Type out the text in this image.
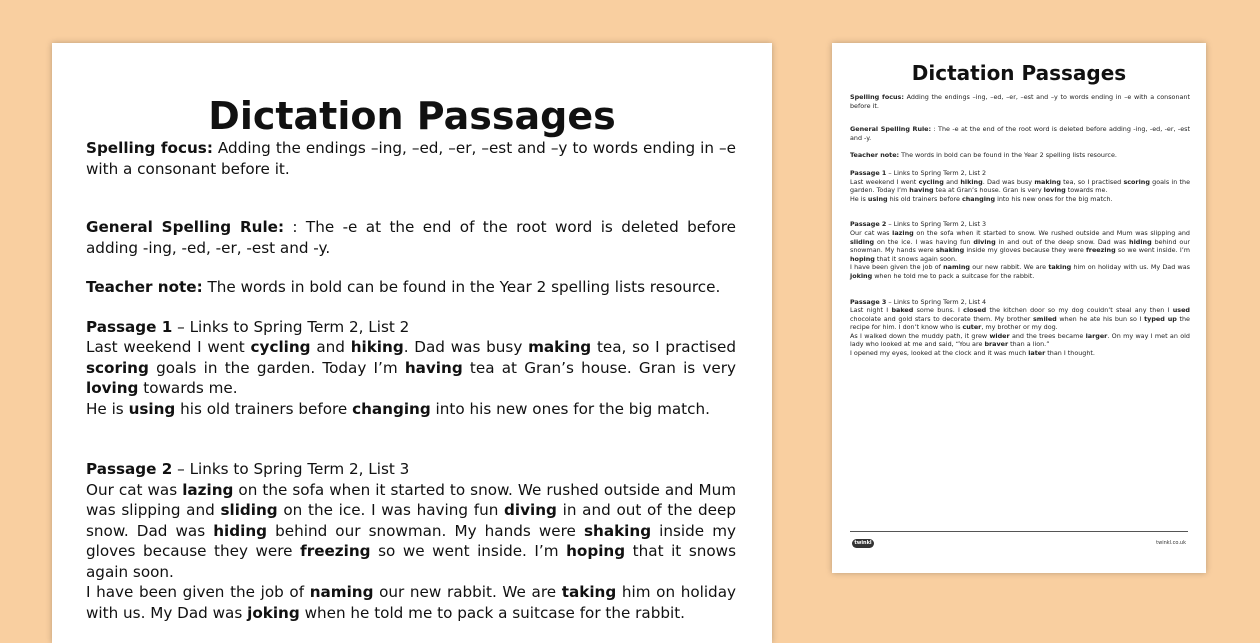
Dictation Passages

Spelling focus: Adding the endings –ing, –ed, –er, –est and –y to words ending in –e with a consonant before it.

General Spelling Rule: : The -e at the end of the root word is deleted before adding -ing, -ed, -er, -est and -y.

Teacher note: The words in bold can be found in the Year 2 spelling lists resource.

Passage 1 – Links to Spring Term 2, List 2

Last weekend I went cycling and hiking. Dad was busy making tea, so I practised scoring goals in the garden. Today I’m having tea at Gran’s house. Gran is very loving towards me.

He is using his old trainers before changing into his new ones for the big match.

Passage 2 – Links to Spring Term 2, List 3

Our cat was lazing on the sofa when it started to snow. We rushed outside and Mum was slipping and sliding on the ice. I was having fun diving in and out of the deep snow. Dad was hiding behind our snowman. My hands were shaking inside my gloves because they were freezing so we went inside. I’m hoping that it snows again soon.

I have been given the job of naming our new rabbit. We are taking him on holiday with us. My Dad was joking when he told me to pack a suitcase for the rabbit.

Dictation Passages

Spelling focus: Adding the endings –ing, –ed, –er, –est and –y to words ending in –e with a consonant before it.

General Spelling Rule: : The -e at the end of the root word is deleted before adding -ing, -ed, -er, -est and -y.

Teacher note: The words in bold can be found in the Year 2 spelling lists resource.

Passage 1 – Links to Spring Term 2, List 2

Last weekend I went cycling and hiking. Dad was busy making tea, so I practised scoring goals in the garden. Today I’m having tea at Gran’s house. Gran is very loving towards me.

He is using his old trainers before changing into his new ones for the big match.

Passage 2 – Links to Spring Term 2, List 3

Our cat was lazing on the sofa when it started to snow. We rushed outside and Mum was slipping and sliding on the ice. I was having fun diving in and out of the deep snow. Dad was hiding behind our snowman. My hands were shaking inside my gloves because they were freezing so we went inside. I’m hoping that it snows again soon.

I have been given the job of naming our new rabbit. We are taking him on holiday with us. My Dad was joking when he told me to pack a suitcase for the rabbit.

Passage 3 – Links to Spring Term 2, List 4

Last night I baked some buns. I closed the kitchen door so my dog couldn’t steal any then I used chocolate and gold stars to decorate them. My brother smiled when he ate his bun so I typed up the recipe for him. I don’t know who is cuter, my brother or my dog.

As I walked down the muddy path, it grew wider and the trees became larger. On my way I met an old lady who looked at me and said, “You are braver than a lion.”

I opened my eyes, looked at the clock and it was much later than I thought.

twinkl	twinkl.co.uk
